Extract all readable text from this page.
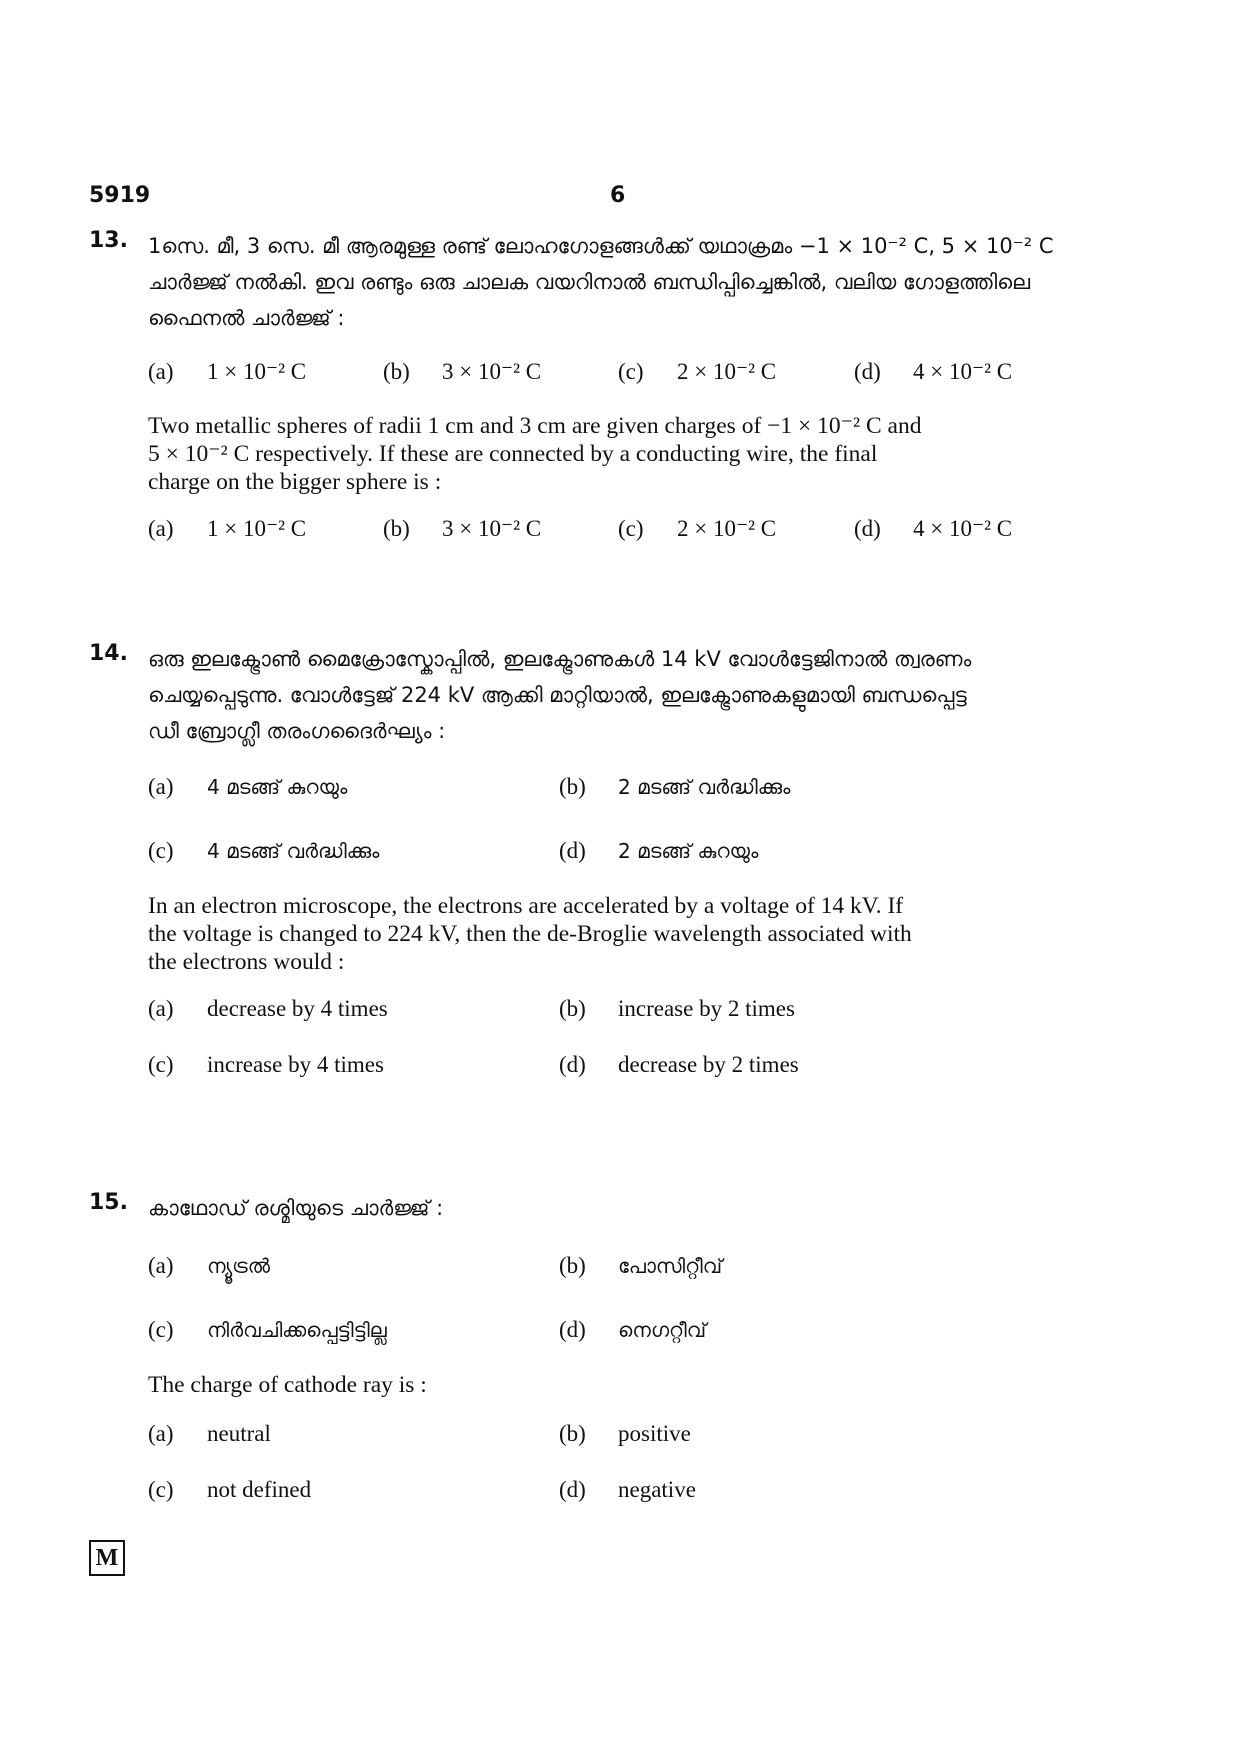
5919	6
13. 1സെ. മീ, 3 സെ. മീ ആരമുള്ള രണ്ട് ലോഹഗോളങ്ങൾക്ക് യഥാക്രമം −1 × 10⁻² C, 5 × 10⁻² C
ചാർജ്ജ് നൽകി. ഇവ രണ്ടും ഒരു ചാലക വയറിനാൽ ബന്ധിപ്പിച്ചെങ്കിൽ, വലിയ ഗോളത്തിലെ
ഫൈനൽ ചാർജ്ജ് :
(a) 1 × 10⁻² C	(b) 3 × 10⁻² C	(c) 2 × 10⁻² C	(d) 4 × 10⁻² C
Two metallic spheres of radii 1 cm and 3 cm are given charges of −1 × 10⁻² C and
5 × 10⁻² C respectively. If these are connected by a conducting wire, the final
charge on the bigger sphere is :
(a) 1 × 10⁻² C	(b) 3 × 10⁻² C	(c) 2 × 10⁻² C	(d) 4 × 10⁻² C
14. ഒരു ഇലക്ട്രോൺ മൈക്രോസ്കോപ്പിൽ, ഇലക്ട്രോണുകൾ 14 kV വോൾട്ടേജിനാൽ ത്വരണം
ചെയ്യപ്പെടുന്നു. വോൾട്ടേജ് 224 kV ആക്കി മാറ്റിയാൽ, ഇലക്ട്രോണുകളുമായി ബന്ധപ്പെട്ട
ഡീ ബ്രോഗ്ലീ തരംഗദൈർഘ്യം :
(a) 4 മടങ്ങ് കുറയും	(b) 2 മടങ്ങ് വർദ്ധിക്കും
(c) 4 മടങ്ങ് വർദ്ധിക്കും	(d) 2 മടങ്ങ് കുറയും
In an electron microscope, the electrons are accelerated by a voltage of 14 kV. If
the voltage is changed to 224 kV, then the de-Broglie wavelength associated with
the electrons would :
(a) decrease by 4 times	(b) increase by 2 times
(c) increase by 4 times	(d) decrease by 2 times
15. കാഥോഡ് രശ്മിയുടെ ചാർജ്ജ് :
(a) ന്യൂട്രൽ	(b) പോസിറ്റീവ്
(c) നിർവചിക്കപ്പെട്ടിട്ടില്ല	(d) നെഗറ്റീവ്
The charge of cathode ray is :
(a) neutral	(b) positive
(c) not defined	(d) negative
M
